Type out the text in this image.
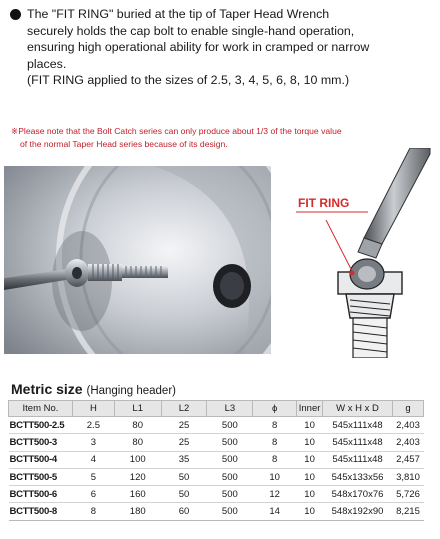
The "FIT RING" buried at the tip of Taper Head Wrench
securely holds the cap bolt to enable single-hand operation,
ensuring high operational ability for work in cramped or narrow
places.
(FIT RING applied to the sizes of 2.5, 3, 4, 5, 6, 8, 10 mm.)
※Please note that the Bolt Catch series can only produce about 1/3 of the torque value
of the normal Taper Head series because of its design.
FIT RING
Metric size (Hanging header)
Item No.	H	L1	L2	L3	ϕ	Inner	W x H x D	g
BCTT500-2.5	2.5	80	25	500	8	10	545x111x48	2,403
BCTT500-3	3	80	25	500	8	10	545x111x48	2,403
BCTT500-4	4	100	35	500	8	10	545x111x48	2,457
BCTT500-5	5	120	50	500	10	10	545x133x56	3,810
BCTT500-6	6	160	50	500	12	10	548x170x76	5,726
BCTT500-8	8	180	60	500	14	10	548x192x90	8,215
